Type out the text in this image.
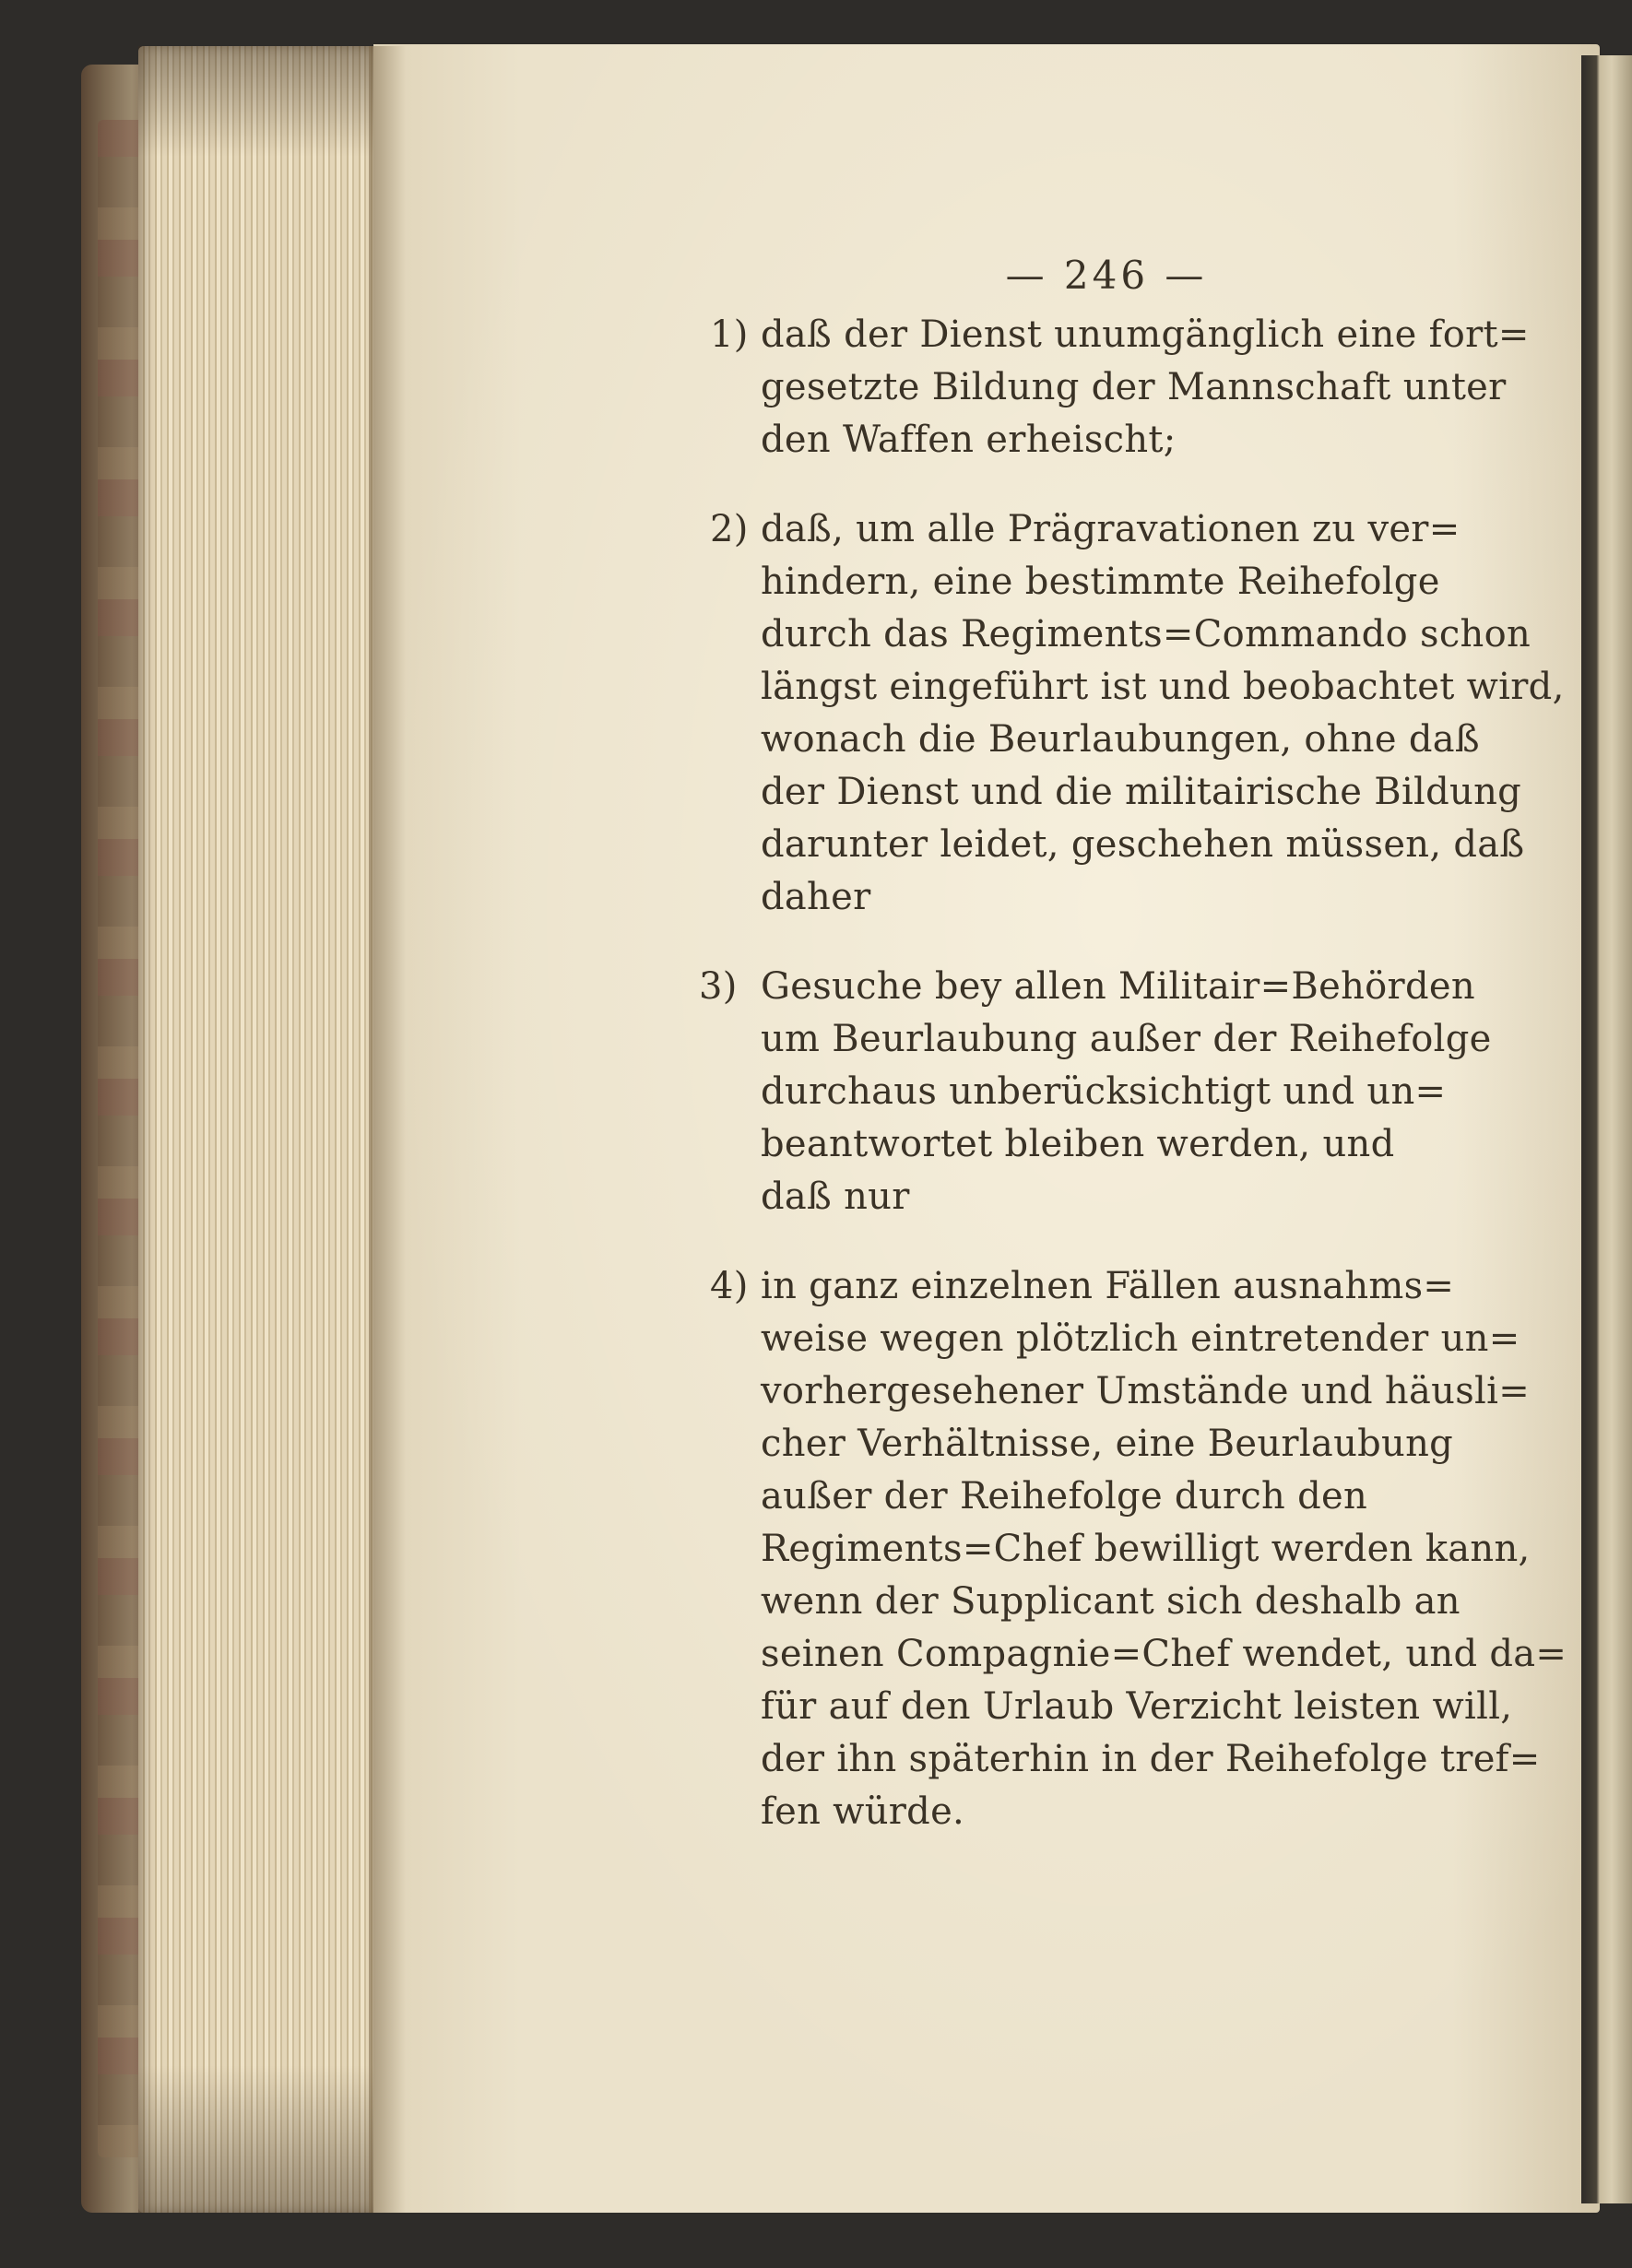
— 246 —
1) daß der Dienst unumgänglich eine fort=
gesetzte Bildung der Mannschaft unter
den Waffen erheischt;
2) daß, um alle Prägravationen zu ver=
hindern, eine bestimmte Reihefolge
durch das Regiments=Commando schon
längst eingeführt ist und beobachtet wird,
wonach die Beurlaubungen, ohne daß
der Dienst und die militairische Bildung
darunter leidet, geschehen müssen, daß
daher
3) Gesuche bey allen Militair=Behörden
um Beurlaubung außer der Reihefolge
durchaus unberücksichtigt und un=
beantwortet bleiben werden, und
daß nur
4) in ganz einzelnen Fällen ausnahms=
weise wegen plötzlich eintretender un=
vorhergesehener Umstände und häusli=
cher Verhältnisse, eine Beurlaubung
außer der Reihefolge durch den
Regiments=Chef bewilligt werden kann,
wenn der Supplicant sich deshalb an
seinen Compagnie=Chef wendet, und da=
für auf den Urlaub Verzicht leisten will,
der ihn späterhin in der Reihefolge tref=
fen würde.
